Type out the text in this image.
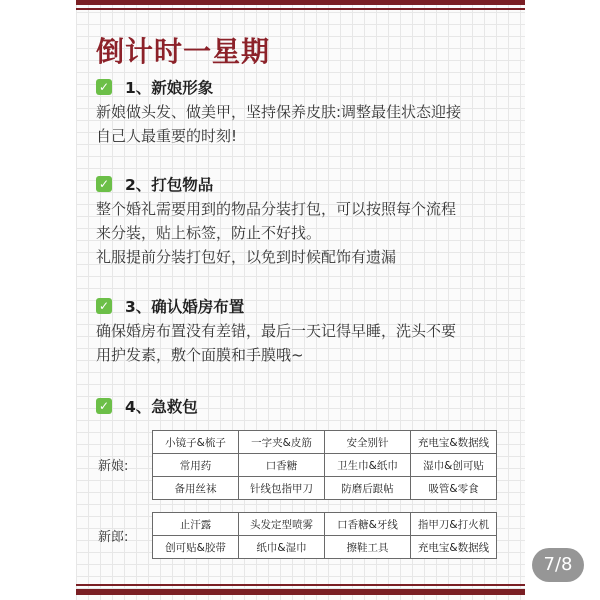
倒计时一星期
✓ 1、新娘形象
新娘做头发、做美甲，坚持保养皮肤:调整最佳状态迎接
自己人最重要的时刻!
✓ 2、打包物品
整个婚礼需要用到的物品分装打包，可以按照每个流程
来分装，贴上标签，防止不好找。
礼服提前分装打包好，以免到时候配饰有遗漏
✓ 3、确认婚房布置
确保婚房布置没有差错，最后一天记得早睡，洗头不要
用护发素，敷个面膜和手膜哦~
✓ 4、急救包
新娘:
小镜子&梳子	一字夹&皮筋	安全别针	充电宝&数据线
常用药	口香糖	卫生巾&纸巾	湿巾&创可贴
备用丝袜	针线包指甲刀	防磨后跟帖	吸管&零食
新郎:
止汗露	头发定型喷雾	口香糖&牙线	指甲刀&打火机
创可贴&胶带	纸巾&湿巾	擦鞋工具	充电宝&数据线
7/8
